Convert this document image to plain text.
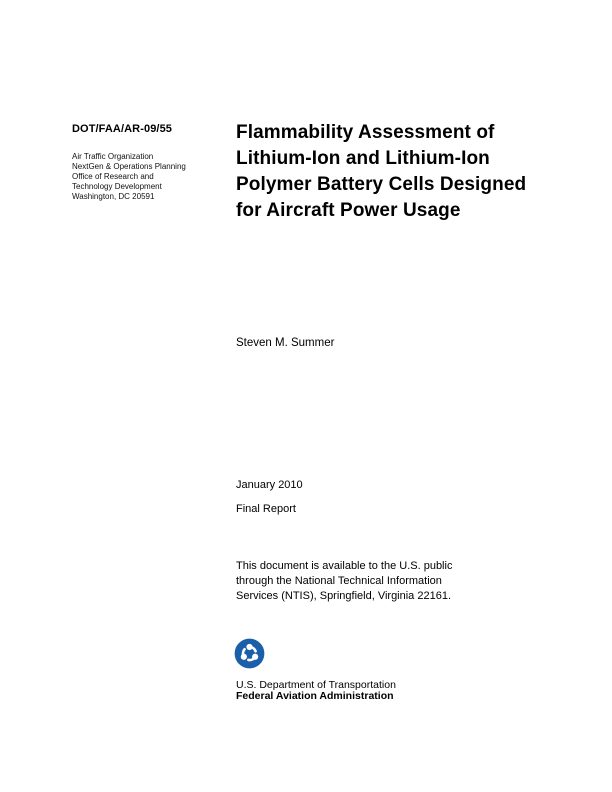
DOT/FAA/AR-09/55
Air Traffic Organization
NextGen & Operations Planning
Office of Research and
Technology Development
Washington, DC 20591
Flammability Assessment of
Lithium-Ion and Lithium-Ion
Polymer Battery Cells Designed
for Aircraft Power Usage
Steven M. Summer
January 2010
Final Report
This document is available to the U.S. public through the National Technical Information Services (NTIS), Springfield, Virginia 22161.
U.S. Department of Transportation
Federal Aviation Administration
